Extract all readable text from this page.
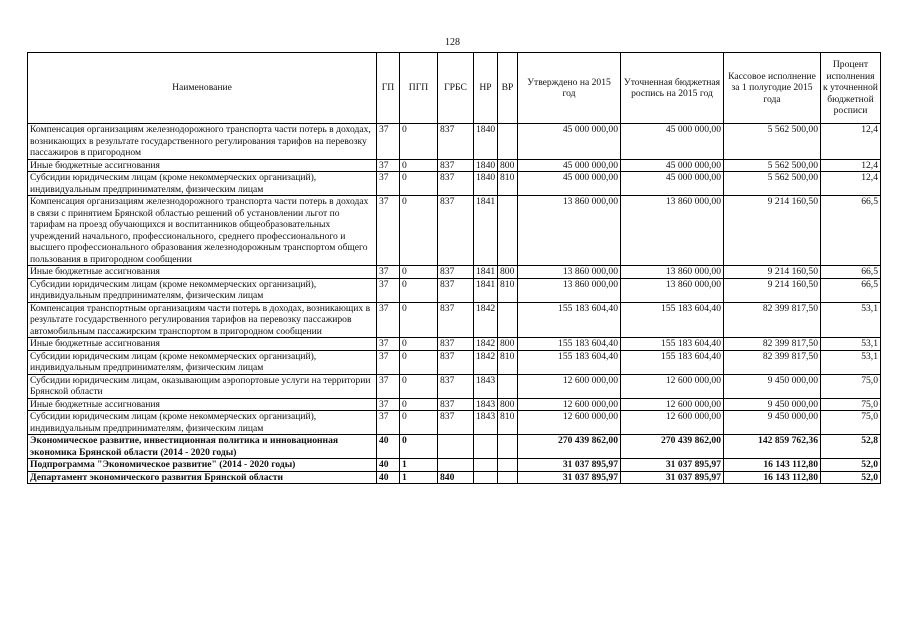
128
Наименование	ГП	ПГП	ГРБС	НР	ВР	Утверждено на 2015 год	Уточненная бюджетная роспись на 2015 год	Кассовое исполнение за 1 полугодие 2015 года	Процент исполнения к уточненной бюджетной росписи
Компенсация организациям железнодорожного транспорта части потерь в доходах, возникающих в результате государственного регулирования тарифов на перевозку пассажиров в пригородном	37	0	837	1840		45 000 000,00	45 000 000,00	5 562 500,00	12,4
Иные бюджетные ассигнования	37	0	837	1840	800	45 000 000,00	45 000 000,00	5 562 500,00	12,4
Субсидии юридическим лицам (кроме некоммерческих организаций), индивидуальным предпринимателям, физическим лицам	37	0	837	1840	810	45 000 000,00	45 000 000,00	5 562 500,00	12,4
Компенсация организациям железнодорожного транспорта части потерь в доходах в связи с принятием Брянской областью решений об установлении льгот по тарифам на проезд обучающихся и воспитанников общеобразовательных учреждений начального, профессионального, среднего профессионального и высшего профессионального образования железнодорожным транспортом общего пользования в пригородном сообщении	37	0	837	1841		13 860 000,00	13 860 000,00	9 214 160,50	66,5
Иные бюджетные ассигнования	37	0	837	1841	800	13 860 000,00	13 860 000,00	9 214 160,50	66,5
Субсидии юридическим лицам (кроме некоммерческих организаций), индивидуальным предпринимателям, физическим лицам	37	0	837	1841	810	13 860 000,00	13 860 000,00	9 214 160,50	66,5
Компенсация транспортным организациям части потерь в доходах, возникающих в результате государственного регулирования тарифов на перевозку пассажиров автомобильным пассажирским транспортом в пригородном сообщении	37	0	837	1842		155 183 604,40	155 183 604,40	82 399 817,50	53,1
Иные бюджетные ассигнования	37	0	837	1842	800	155 183 604,40	155 183 604,40	82 399 817,50	53,1
Субсидии юридическим лицам (кроме некоммерческих организаций), индивидуальным предпринимателям, физическим лицам	37	0	837	1842	810	155 183 604,40	155 183 604,40	82 399 817,50	53,1
Субсидии юридическим лицам, оказывающим аэропортовые услуги на территории Брянской области	37	0	837	1843		12 600 000,00	12 600 000,00	9 450 000,00	75,0
Иные бюджетные ассигнования	37	0	837	1843	800	12 600 000,00	12 600 000,00	9 450 000,00	75,0
Субсидии юридическим лицам (кроме некоммерческих организаций), индивидуальным предпринимателям, физическим лицам	37	0	837	1843	810	12 600 000,00	12 600 000,00	9 450 000,00	75,0
Экономическое развитие, инвестиционная политика и инновационная экономика Брянской области (2014 - 2020 годы)	40	0				270 439 862,00	270 439 862,00	142 859 762,36	52,8
Подпрограмма "Экономическое развитие" (2014 - 2020 годы)	40	1				31 037 895,97	31 037 895,97	16 143 112,80	52,0
Департамент экономического развития Брянской области	40	1	840			31 037 895,97	31 037 895,97	16 143 112,80	52,0
